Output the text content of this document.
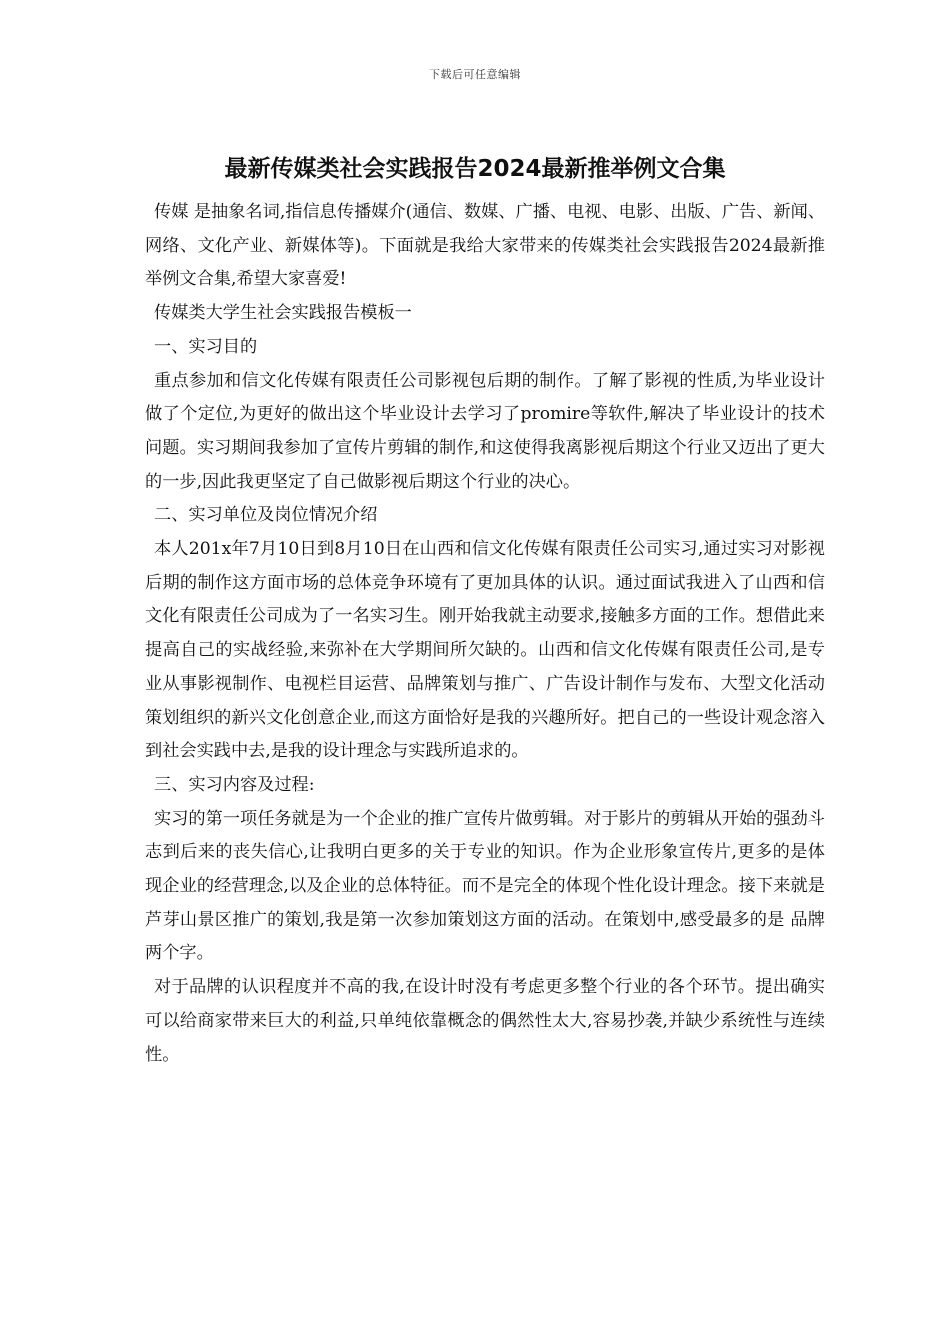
下载后可任意编辑
最新传媒类社会实践报告2024最新推举例文合集

传媒 是抽象名词,指信息传播媒介(通信、数媒、广播、电视、电影、出版、广告、新闻、网络、文化产业、新媒体等)。下面就是我给大家带来的传媒类社会实践报告2024最新推举例文合集,希望大家喜爱!

传媒类大学生社会实践报告模板一

一、实习目的

重点参加和信文化传媒有限责任公司影视包后期的制作。了解了影视的性质,为毕业设计做了个定位,为更好的做出这个毕业设计去学习了promire等软件,解决了毕业设计的技术问题。实习期间我参加了宣传片剪辑的制作,和这使得我离影视后期这个行业又迈出了更大的一步,因此我更坚定了自己做影视后期这个行业的决心。

二、实习单位及岗位情况介绍

本人201x年7月10日到8月10日在山西和信文化传媒有限责任公司实习,通过实习对影视后期的制作这方面市场的总体竞争环境有了更加具体的认识。通过面试我进入了山西和信文化有限责任公司成为了一名实习生。刚开始我就主动要求,接触多方面的工作。想借此来提高自己的实战经验,来弥补在大学期间所欠缺的。山西和信文化传媒有限责任公司,是专业从事影视制作、电视栏目运营、品牌策划与推广、广告设计制作与发布、大型文化活动策划组织的新兴文化创意企业,而这方面恰好是我的兴趣所好。把自己的一些设计观念溶入到社会实践中去,是我的设计理念与实践所追求的。

三、实习内容及过程:

实习的第一项任务就是为一个企业的推广宣传片做剪辑。对于影片的剪辑从开始的强劲斗志到后来的丧失信心,让我明白更多的关于专业的知识。作为企业形象宣传片,更多的是体现企业的经营理念,以及企业的总体特征。而不是完全的体现个性化设计理念。接下来就是芦芽山景区推广的策划,我是第一次参加策划这方面的活动。在策划中,感受最多的是 品牌 两个字。

对于品牌的认识程度并不高的我,在设计时没有考虑更多整个行业的各个环节。提出确实可以给商家带来巨大的利益,只单纯依靠概念的偶然性太大,容易抄袭,并缺少系统性与连续性。
